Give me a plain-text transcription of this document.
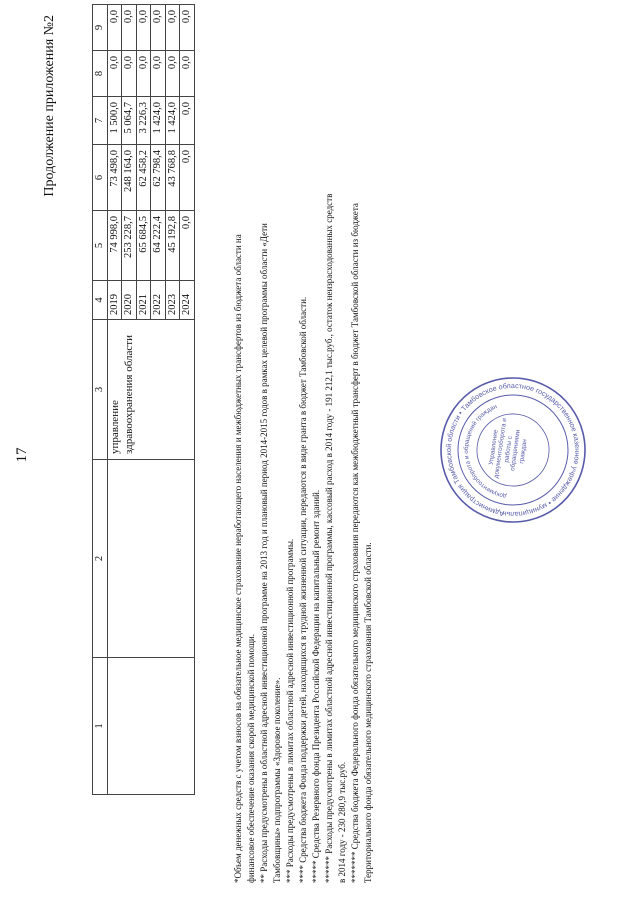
17
Продолжение приложения №2
1	2	3	4	5	6	7	8	9
		управление здравоохранения области	2019	74 998,0	73 498,0	1 500,0	0,0	0,0
			2020	253 228,7	248 164,0	5 064,7	0,0	0,0
			2021	65 684,5	62 458,2	3 226,3	0,0	0,0
			2022	64 222,4	62 798,4	1 424,0	0,0	0,0
			2023	45 192,8	43 768,8	1 424,0	0,0	0,0
			2024	0,0	0,0	0,0	0,0	0,0

*Объем денежных средств с учетом взносов на обязательное медицинское страхование неработающего населения и межбюджетных трансфертов из бюджета области на финансовое обеспечение оказания скорой медицинской помощи. ** Расходы предусмотрены в областной адресной инвестиционной программе на 2013 год и плановый период 2014-2015 годов в рамках целевой программы области «Дети Тамбовщины» подпрограммы «Здоровое поколение». *** Расходы предусмотрены в лимитах областной адресной инвестиционной программы. **** Средства бюджета Фонда поддержки детей, находящихся в трудной жизненной ситуации, передаются в виде гранта в бюджет Тамбовской области. ***** Средства Резервного фонда Президента Российской Федерации на капитальный ремонт зданий. ****** Расходы предусмотрены в лимитах областной адресной инвестиционной программы, кассовый расход в 2014 году - 191 212,1 тыс.руб., остаток неизрасходованных средств в 2014 году - 230 280,9 тыс.руб. ******* Средства бюджета Федерального фонда обязательного медицинского страхования передаются как межбюджетный трансферт в бюджет Тамбовской области из бюджета Территориального фонда обязательного медицинского страхования Тамбовской области.

Администрация Тамбовской области • Тамбовское областное государственное казенное учреждение • муниципальных
документооборота и обращений граждан
Управление документооборота и работы с обращениями граждан
